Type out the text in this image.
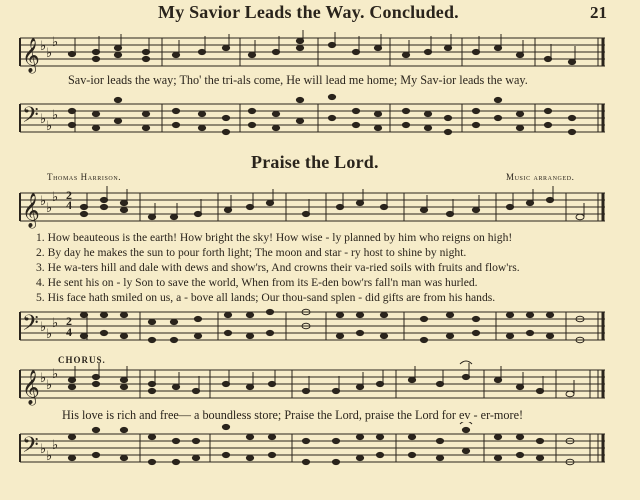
My Savior Leads the Way. Concluded.	21
𝄞 ♭ ♭
♭
Sav-ior leads the way; Tho' the tri-als come, He will lead me home; My Sav-ior leads the way.
𝄢 ♭ ♭
♭
Praise the Lord.
Thomas Harrison.	Music arranged.
𝄞 ♭ ♭
♭ 2
4
1. How beauteous is the earth! How bright the sky! How wise - ly planned by him who reigns on high!
2. By day he makes the sun to pour forth light; The moon and star - ry host to shine by night.
3. He wa-ters hill and dale with dews and show'rs, And crowns their va-ried soils with fruits and flow'rs.
4. He sent his on - ly Son to save the world, When from its E-den bow'rs fall'n man was hurled.
5. His face hath smiled on us, a - bove all lands; Our thou-sand splen - did gifts are from his hands.
𝄢 ♭ ♭
♭ 2
4
CHORUS.
𝄞 ♭ ♭
♭
His love is rich and free— a boundless store; Praise the Lord, praise the Lord for ev - er-more!
𝄢 ♭ ♭
♭
